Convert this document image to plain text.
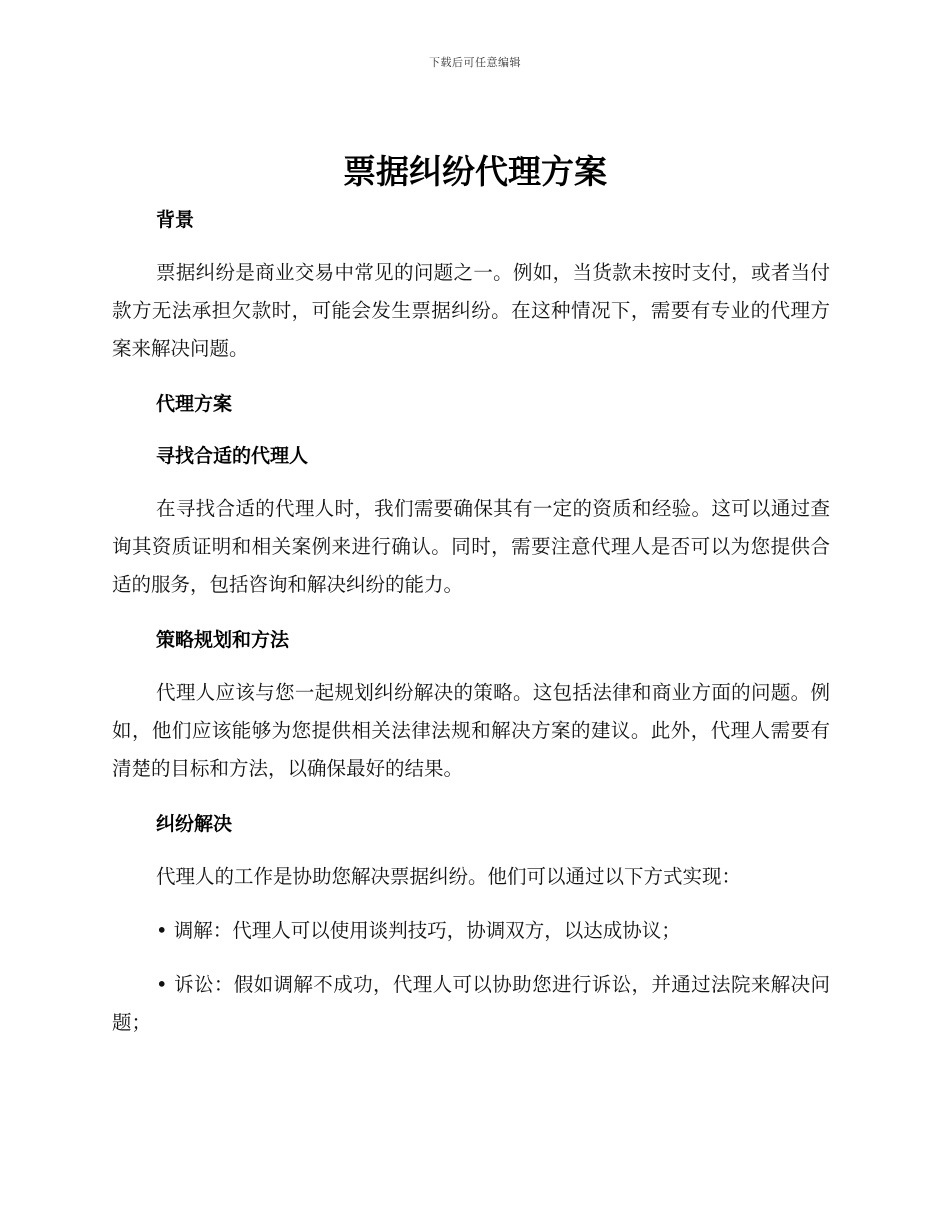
下载后可任意编辑
票据纠纷代理方案
背景

票据纠纷是商业交易中常见的问题之一。例如，当货款未按时支付，或者当付款方无法承担欠款时，可能会发生票据纠纷。在这种情况下，需要有专业的代理方案来解决问题。

代理方案
寻找合适的代理人

在寻找合适的代理人时，我们需要确保其有一定的资质和经验。这可以通过查询其资质证明和相关案例来进行确认。同时，需要注意代理人是否可以为您提供合适的服务，包括咨询和解决纠纷的能力。

策略规划和方法

代理人应该与您一起规划纠纷解决的策略。这包括法律和商业方面的问题。例如，他们应该能够为您提供相关法律法规和解决方案的建议。此外，代理人需要有清楚的目标和方法，以确保最好的结果。

纠纷解决

代理人的工作是协助您解决票据纠纷。他们可以通过以下方式实现：

• 调解：代理人可以使用谈判技巧，协调双方，以达成协议；

• 诉讼：假如调解不成功，代理人可以协助您进行诉讼，并通过法院来解决问题；
